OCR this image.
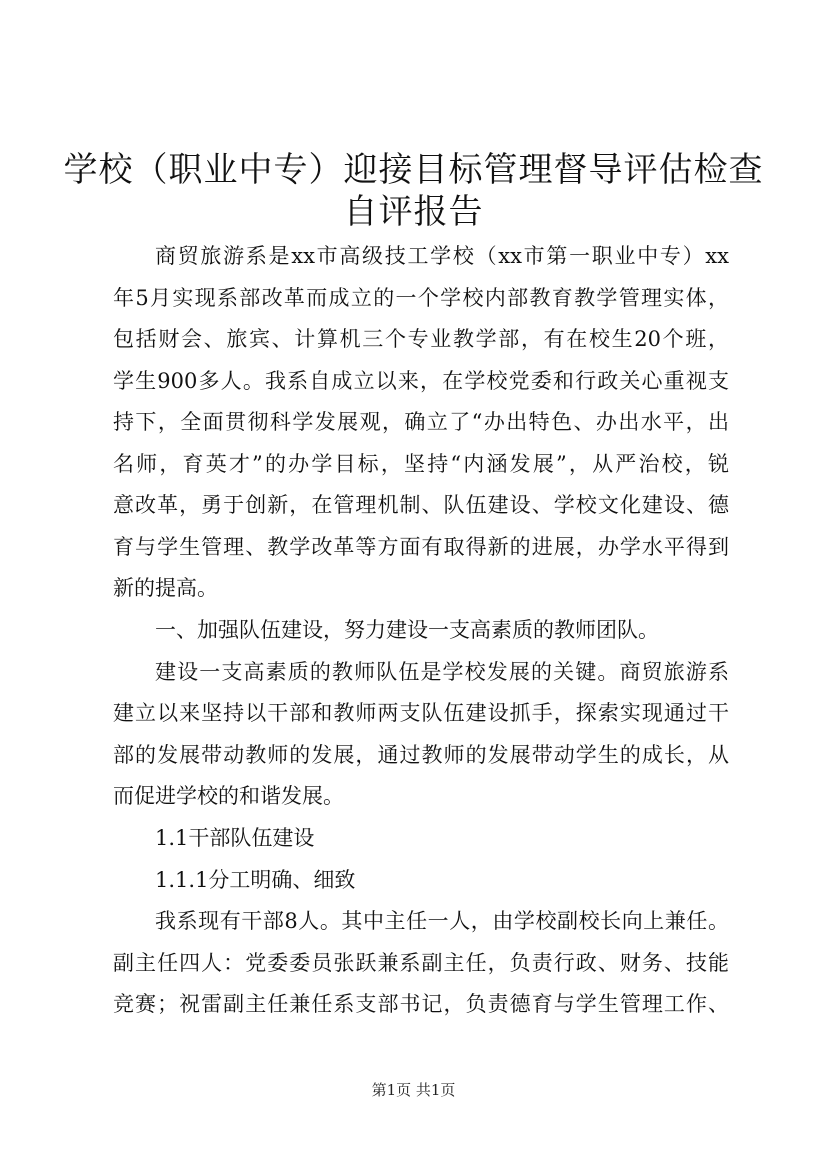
学校（职业中专）迎接目标管理督导评估检查
自评报告
商贸旅游系是xx市高级技工学校（xx市第一职业中专）xx
年5月实现系部改革而成立的一个学校内部教育教学管理实体，
包括财会、旅宾、计算机三个专业教学部，有在校生20个班，
学生900多人。我系自成立以来，在学校党委和行政关心重视支
持下，全面贯彻科学发展观，确立了“办出特色、办出水平，出
名师，育英才”的办学目标，坚持“内涵发展”，从严治校，锐
意改革，勇于创新，在管理机制、队伍建设、学校文化建设、德
育与学生管理、教学改革等方面有取得新的进展，办学水平得到
新的提高。
一、加强队伍建设，努力建设一支高素质的教师团队。
建设一支高素质的教师队伍是学校发展的关键。商贸旅游系
建立以来坚持以干部和教师两支队伍建设抓手，探索实现通过干
部的发展带动教师的发展，通过教师的发展带动学生的成长，从
而促进学校的和谐发展。
1.1干部队伍建设
1.1.1分工明确、细致
我系现有干部8人。其中主任一人，由学校副校长向上兼任。
副主任四人：党委委员张跃兼系副主任，负责行政、财务、技能
竞赛；祝雷副主任兼任系支部书记，负责德育与学生管理工作、
第1页 共1页
